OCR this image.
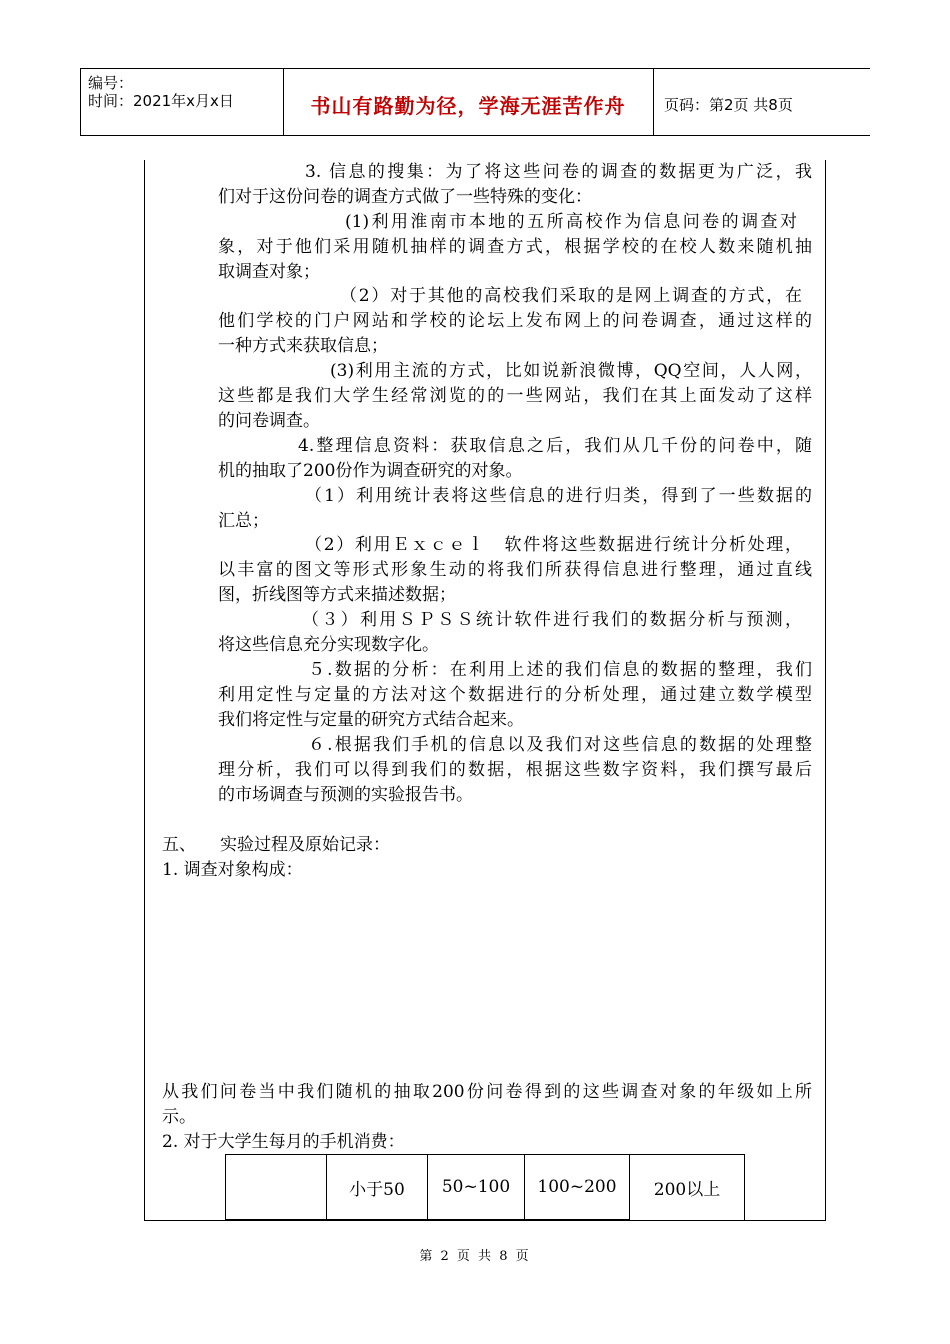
编号：
时间：2021年x月x日	书山有路勤为径，学海无涯苦作舟	页码：第2页 共8页
3. 信息的搜集：为了将这些问卷的调查的数据更为广泛，我
们对于这份问卷的调查方式做了一些特殊的变化：
(1)利用淮南市本地的五所高校作为信息问卷的调查对
象，对于他们采用随机抽样的调查方式，根据学校的在校人数来随机抽
取调查对象；
（2）对于其他的高校我们采取的是网上调查的方式，在
他们学校的门户网站和学校的论坛上发布网上的问卷调查，通过这样的
一种方式来获取信息；
(3)利用主流的方式，比如说新浪微博，QQ空间，人人网，
这些都是我们大学生经常浏览的的一些网站，我们在其上面发动了这样
的问卷调查。
4.整理信息资料：获取信息之后，我们从几千份的问卷中，随
机的抽取了200份作为调查研究的对象。
（1）利用统计表将这些信息的进行归类，得到了一些数据的
汇总；
（2）利用Ｅｘｃｅｌ　软件将这些数据进行统计分析处理，
以丰富的图文等形式形象生动的将我们所获得信息进行整理，通过直线
图，折线图等方式来描述数据；
（３）利用ＳＰＳＳ统计软件进行我们的数据分析与预测，
将这些信息充分实现数字化。
５.数据的分析：在利用上述的我们信息的数据的整理，我们
利用定性与定量的方法对这个数据进行的分析处理，通过建立数学模型
我们将定性与定量的研究方式结合起来。
６.根据我们手机的信息以及我们对这些信息的数据的处理整
理分析，我们可以得到我们的数据，根据这些数字资料，我们撰写最后
的市场调查与预测的实验报告书。
五、 实验过程及原始记录：
1. 调查对象构成：
从我们问卷当中我们随机的抽取200份问卷得到的这些调查对象的年级如上所
示。
2. 对于大学生每月的手机消费：
	小于50	50~100	100~200	200以上
第 2 页 共 8 页
